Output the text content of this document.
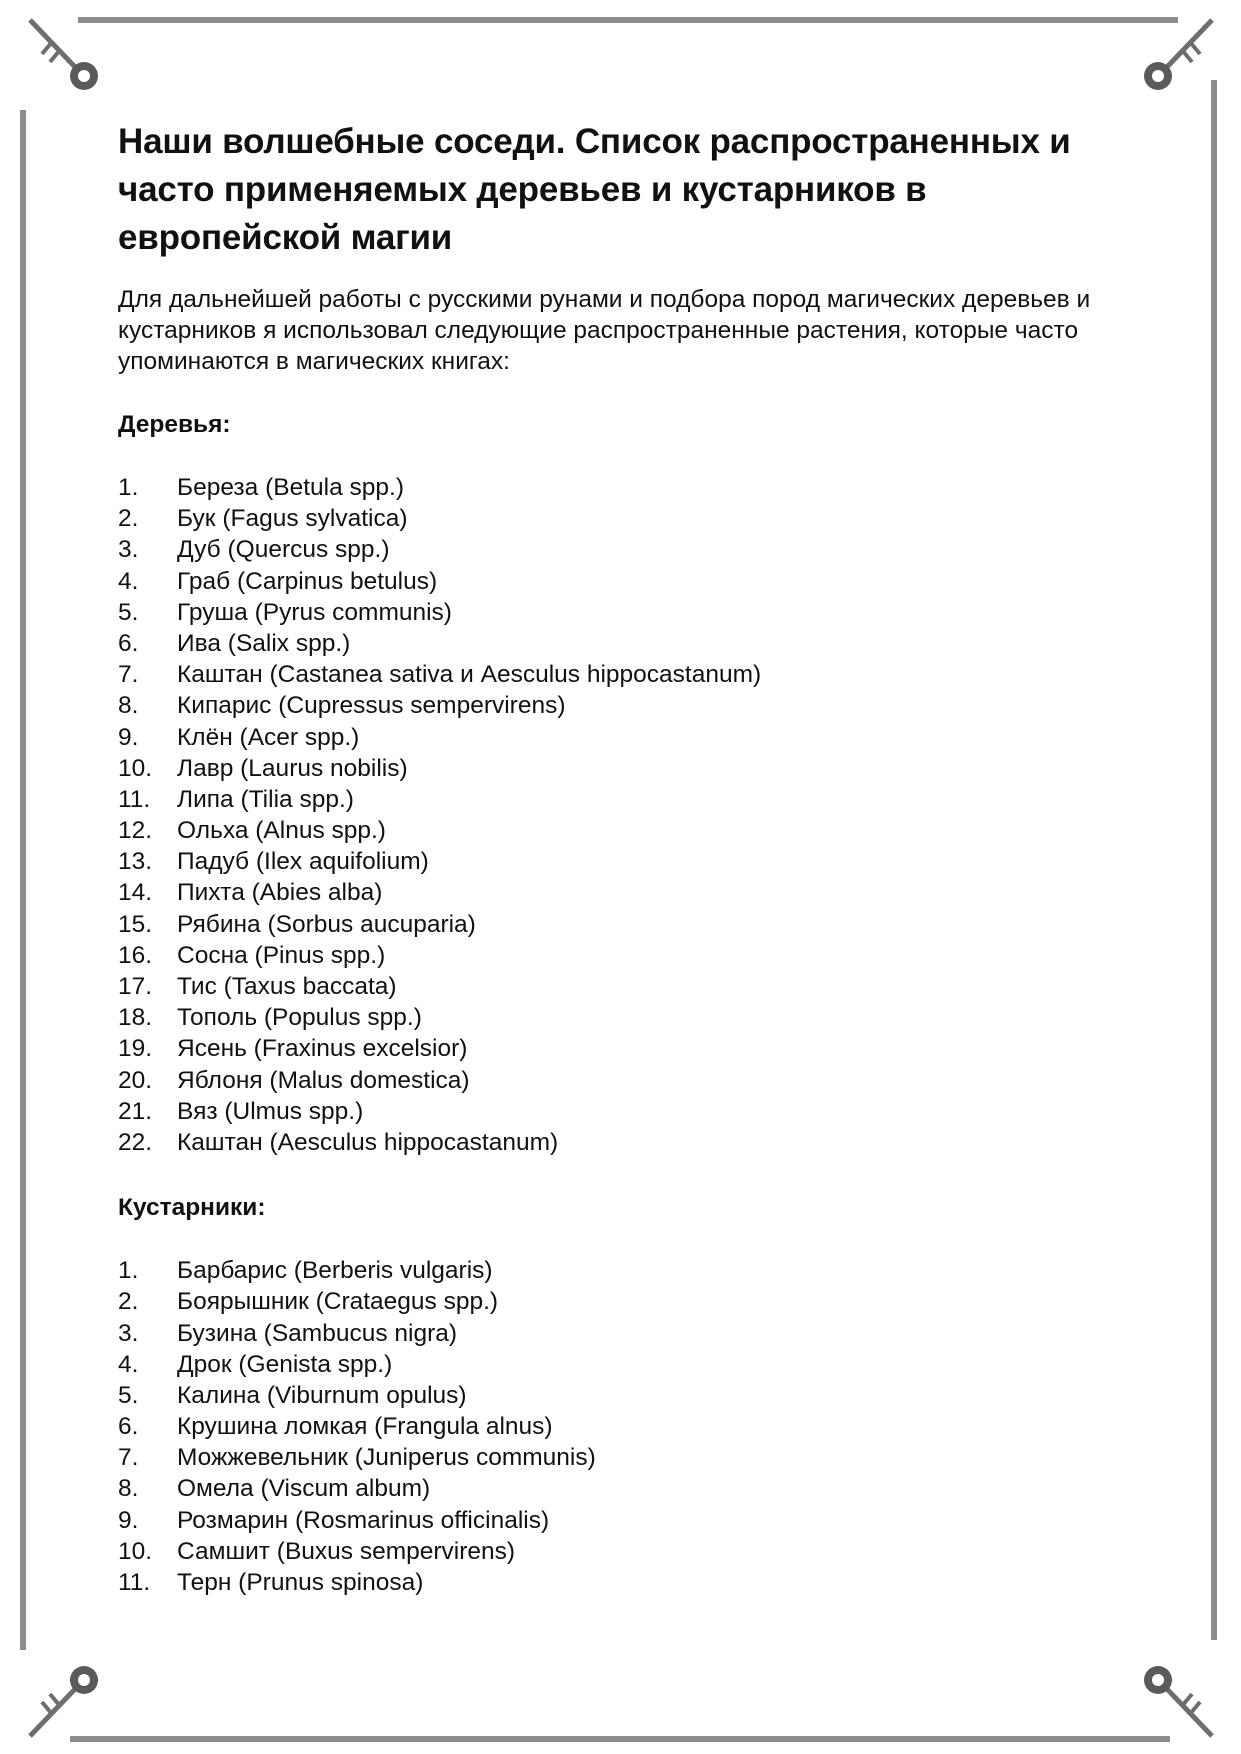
Наши волшебные соседи. Список распространенных и часто применяемых деревьев и кустарников в европейской магии

Для дальнейшей работы с русскими рунами и подбора пород магических деревьев и кустарников я использовал следующие распространенные растения, которые часто упоминаются в магических книгах:

Деревья:
1.	Береза (Betula spp.)
2.	Бук (Fagus sylvatica)
3.	Дуб (Quercus spp.)
4.	Граб (Carpinus betulus)
5.	Груша (Pyrus communis)
6.	Ива (Salix spp.)
7.	Каштан (Castanea sativa и Aesculus hippocastanum)
8.	Кипарис (Cupressus sempervirens)
9.	Клён (Acer spp.)
10.	Лавр (Laurus nobilis)
11.	Липа (Tilia spp.)
12.	Ольха (Alnus spp.)
13.	Падуб (Ilex aquifolium)
14.	Пихта (Abies alba)
15.	Рябина (Sorbus aucuparia)
16.	Сосна (Pinus spp.)
17.	Тис (Taxus baccata)
18.	Тополь (Populus spp.)
19.	Ясень (Fraxinus excelsior)
20.	Яблоня (Malus domestica)
21.	Вяз (Ulmus spp.)
22.	Каштан (Aesculus hippocastanum)
Кустарники:
1.	Барбарис (Berberis vulgaris)
2.	Боярышник (Crataegus spp.)
3.	Бузина (Sambucus nigra)
4.	Дрок (Genista spp.)
5.	Калина (Viburnum opulus)
6.	Крушина ломкая (Frangula alnus)
7.	Можжевельник (Juniperus communis)
8.	Омела (Viscum album)
9.	Розмарин (Rosmarinus officinalis)
10.	Самшит (Buxus sempervirens)
11.	Терн (Prunus spinosa)
